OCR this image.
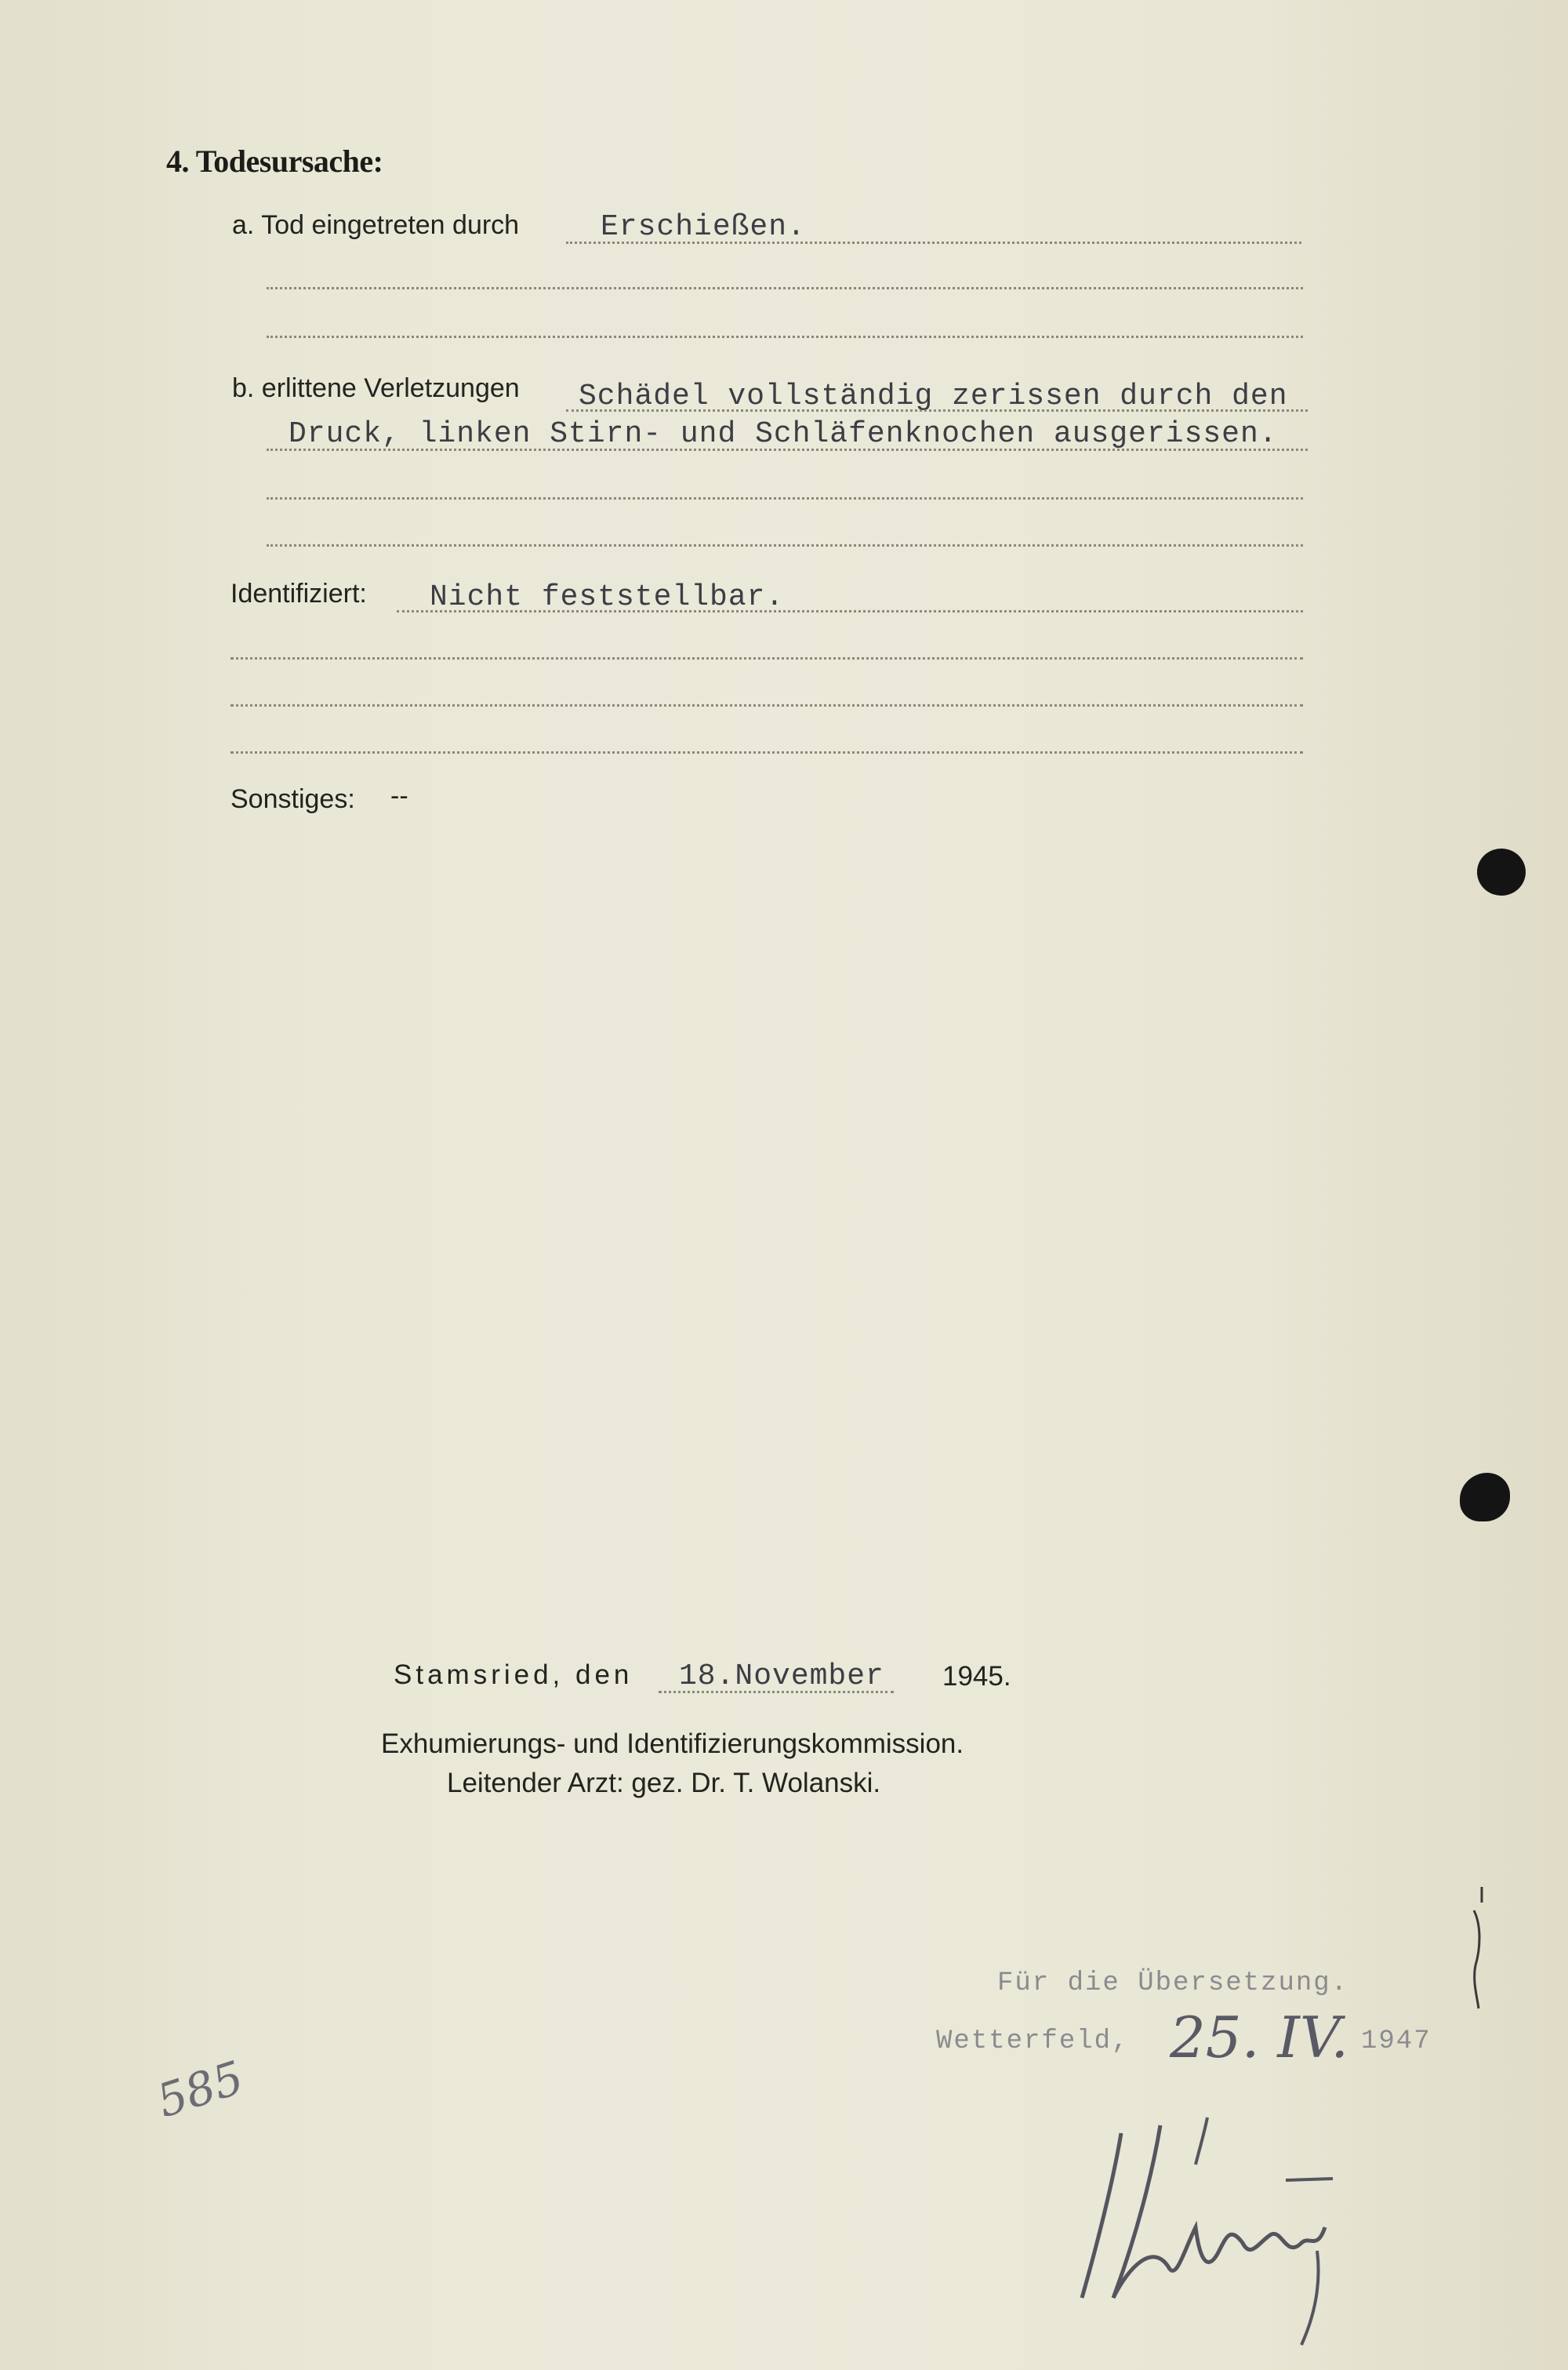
4. Todesursache:
a. Tod eingetreten durch	Erschießen.
b. erlittene Verletzungen Schädel vollständig zerissen durch den
Druck, linken Stirn- und Schläfenknochen ausgerissen.
Identifiziert: Nicht feststellbar.
Sonstiges: --
Stamsried, den 18.November 1945.
Exhumierungs- und Identifizierungskommission.
Leitender Arzt: gez. Dr. T. Wolanski.
Für die Übersetzung.
Wetterfeld, 25. IV. 1947
585
